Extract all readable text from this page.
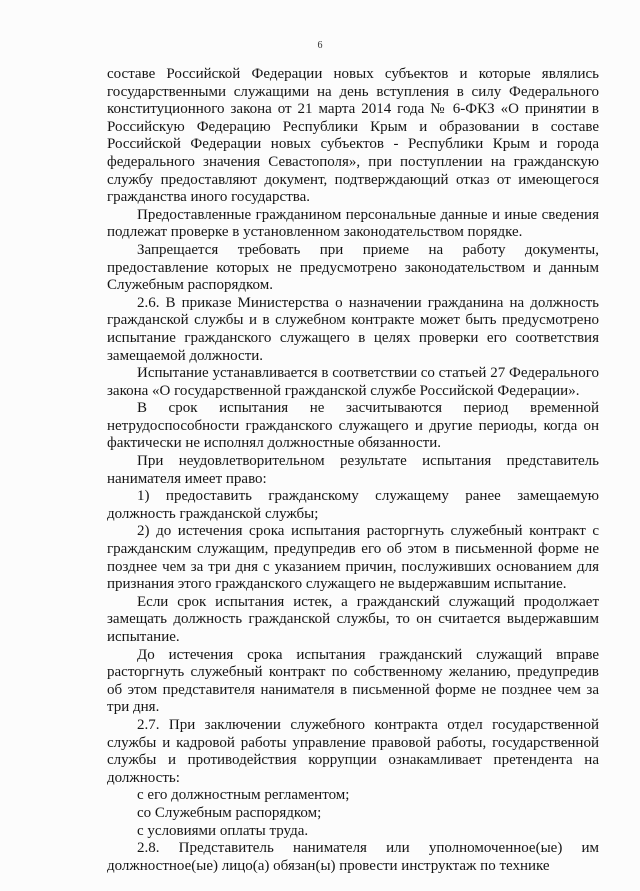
6

составе Российской Федерации новых субъектов и которые являлись государственными служащими на день вступления в силу Федерального конституционного закона от 21 марта 2014 года № 6-ФКЗ «О принятии в Российскую Федерацию Республики Крым и образовании в составе Российской Федерации новых субъектов - Республики Крым и города федерального значения Севастополя», при поступлении на гражданскую службу предоставляют документ, подтверждающий отказ от имеющегося гражданства иного государства.

Предоставленные гражданином персональные данные и иные сведения подлежат проверке в установленном законодательством порядке.

Запрещается требовать при приеме на работу документы, предоставление которых не предусмотрено законодательством и данным Служебным распорядком.

2.6. В приказе Министерства о назначении гражданина на должность гражданской службы и в служебном контракте может быть предусмотрено испытание гражданского служащего в целях проверки его соответствия замещаемой должности.

Испытание устанавливается в соответствии со статьей 27 Федерального закона «О государственной гражданской службе Российской Федерации».

В срок испытания не засчитываются период временной нетрудоспособности гражданского служащего и другие периоды, когда он фактически не исполнял должностные обязанности.

При неудовлетворительном результате испытания представитель нанимателя имеет право:

1) предоставить гражданскому служащему ранее замещаемую должность гражданской службы;

2) до истечения срока испытания расторгнуть служебный контракт с гражданским служащим, предупредив его об этом в письменной форме не позднее чем за три дня с указанием причин, послуживших основанием для признания этого гражданского служащего не выдержавшим испытание.

Если срок испытания истек, а гражданский служащий продолжает замещать должность гражданской службы, то он считается выдержавшим испытание.

До истечения срока испытания гражданский служащий вправе расторгнуть служебный контракт по собственному желанию, предупредив об этом представителя нанимателя в письменной форме не позднее чем за три дня.

2.7. При заключении служебного контракта отдел государственной службы и кадровой работы управление правовой работы, государственной службы и противодействия коррупции ознакамливает претендента на должность:

с его должностным регламентом;

со Служебным распорядком;

с условиями оплаты труда.

2.8. Представитель нанимателя или уполномоченное(ые) им должностное(ые) лицо(а) обязан(ы) провести инструктаж по технике
